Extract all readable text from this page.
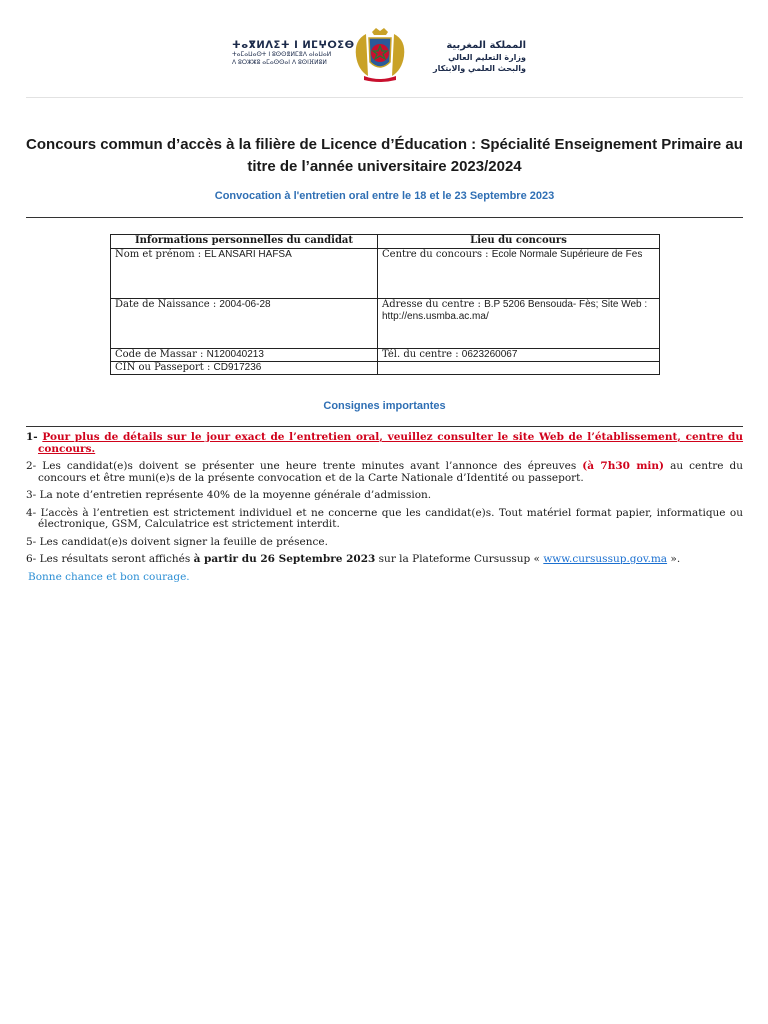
ⵜⴰⴳⵍⴷⵉⵜ ⵏ ⵍⵎⵖⵔⵉⴱ
ⵜⴰⵎⴰⵡⴰⵙⵜ ⵏ ⵓⵙⵙⴻⵍⵎⴻⴷ ⴰⵏⴰⵡⴰⵍ
ⴷ ⵓⵔⵣⵣⵓ ⴰⵎⴰⵙⵙⴰⵏ ⴷ ⵓⵙⵏⴼⵍⵓⵍ
المملكة المغربية
وزارة التعليم العالي
والبحث العلمي والابتكار
Concours commun d’accès à la filière de Licence d’Éducation : Spécialité Enseignement Primaire au titre de l’année universitaire 2023/2024
Convocation à l'entretien oral entre le 18 et le 23 Septembre 2023
Informations personnelles du candidat	Lieu du concours
Nom et prénom : EL ANSARI HAFSA	Centre du concours : Ecole Normale Supérieure de Fes
Date de Naissance : 2004-06-28	Adresse du centre : B.P 5206 Bensouda- Fès; Site Web : http://ens.usmba.ac.ma/
Code de Massar : N120040213	Tél. du centre : 0623260067
CIN ou Passeport : CD917236	
Consignes importantes
1- Pour plus de détails sur le jour exact de l’entretien oral, veuillez consulter le site Web de l’établissement, centre du concours.
2- Les candidat(e)s doivent se présenter une heure trente minutes avant l’annonce des épreuves (à 7h30 min) au centre du concours et être muni(e)s de la présente convocation et de la Carte Nationale d’Identité ou passeport.
3- La note d’entretien représente 40% de la moyenne générale d’admission.
4- L’accès à l’entretien est strictement individuel et ne concerne que les candidat(e)s. Tout matériel format papier, informatique ou électronique, GSM, Calculatrice est strictement interdit.
5- Les candidat(e)s doivent signer la feuille de présence.
6- Les résultats seront affichés à partir du 26 Septembre 2023 sur la Plateforme Cursussup « www.cursussup.gov.ma ».
Bonne chance et bon courage.
